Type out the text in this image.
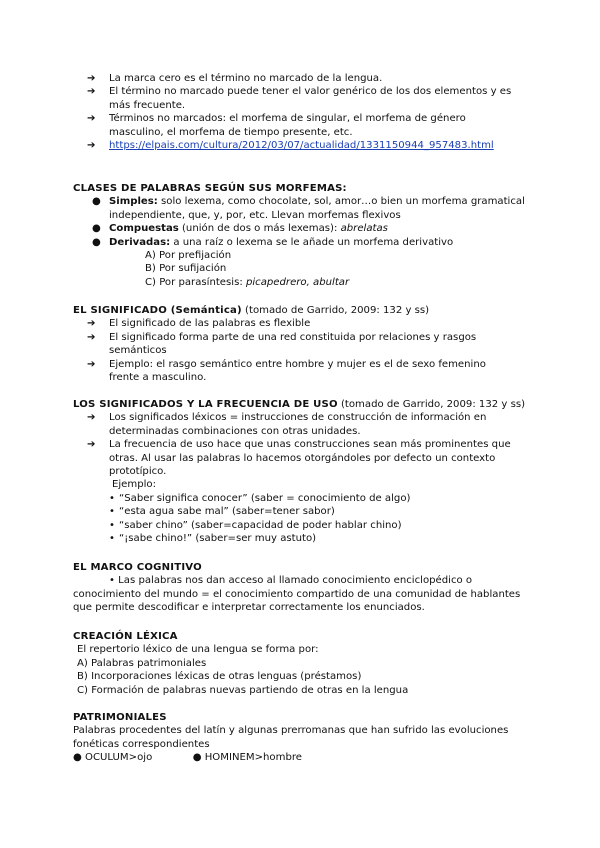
➔	La marca cero es el término no marcado de la lengua.
➔	El término no marcado puede tener el valor genérico de los dos elementos y es más frecuente.
➔	Términos no marcados: el morfema de singular, el morfema de género masculino, el morfema de tiempo presente, etc.
➔	https://elpais.com/cultura/2012/03/07/actualidad/1331150944_957483.html
CLASES DE PALABRAS SEGÚN SUS MORFEMAS:
● Simples: solo lexema, como chocolate, sol, amor…o bien un morfema gramatical independiente, que, y, por, etc. Llevan morfemas flexivos
● Compuestas (unión de dos o más lexemas): abrelatas
● Derivadas: a una raíz o lexema se le añade un morfema derivativo
A) Por prefijación
B) Por sufijación
C) Por parasíntesis: picapedrero, abultar
EL SIGNIFICADO (Semántica) (tomado de Garrido, 2009: 132 y ss)
➔	El significado de las palabras es flexible
➔	El significado forma parte de una red constituida por relaciones y rasgos semánticos
➔	Ejemplo: el rasgo semántico entre hombre y mujer es el de sexo femenino frente a masculino.
LOS SIGNIFICADOS Y LA FRECUENCIA DE USO (tomado de Garrido, 2009: 132 y ss)
➔	Los significados léxicos = instrucciones de construcción de información en determinadas combinaciones con otras unidades.
➔	La frecuencia de uso hace que unas construcciones sean más prominentes que otras. Al usar las palabras lo hacemos otorgándoles por defecto un contexto prototípico.
Ejemplo:
• “Saber significa conocer” (saber = conocimiento de algo)
• “esta agua sabe mal” (saber=tener sabor)
• “saber chino” (saber=capacidad de poder hablar chino)
• “¡sabe chino!” (saber=ser muy astuto)
EL MARCO COGNITIVO
• Las palabras nos dan acceso al llamado conocimiento enciclopédico o conocimiento del mundo = el conocimiento compartido de una comunidad de hablantes que permite descodificar e interpretar correctamente los enunciados.
CREACIÓN LÉXICA
El repertorio léxico de una lengua se forma por:
A) Palabras patrimoniales
B) Incorporaciones léxicas de otras lenguas (préstamos)
C) Formación de palabras nuevas partiendo de otras en la lengua
PATRIMONIALES
Palabras procedentes del latín y algunas prerromanas que han sufrido las evoluciones fonéticas correspondientes
● OCULUM>ojo	● HOMINEM>hombre
